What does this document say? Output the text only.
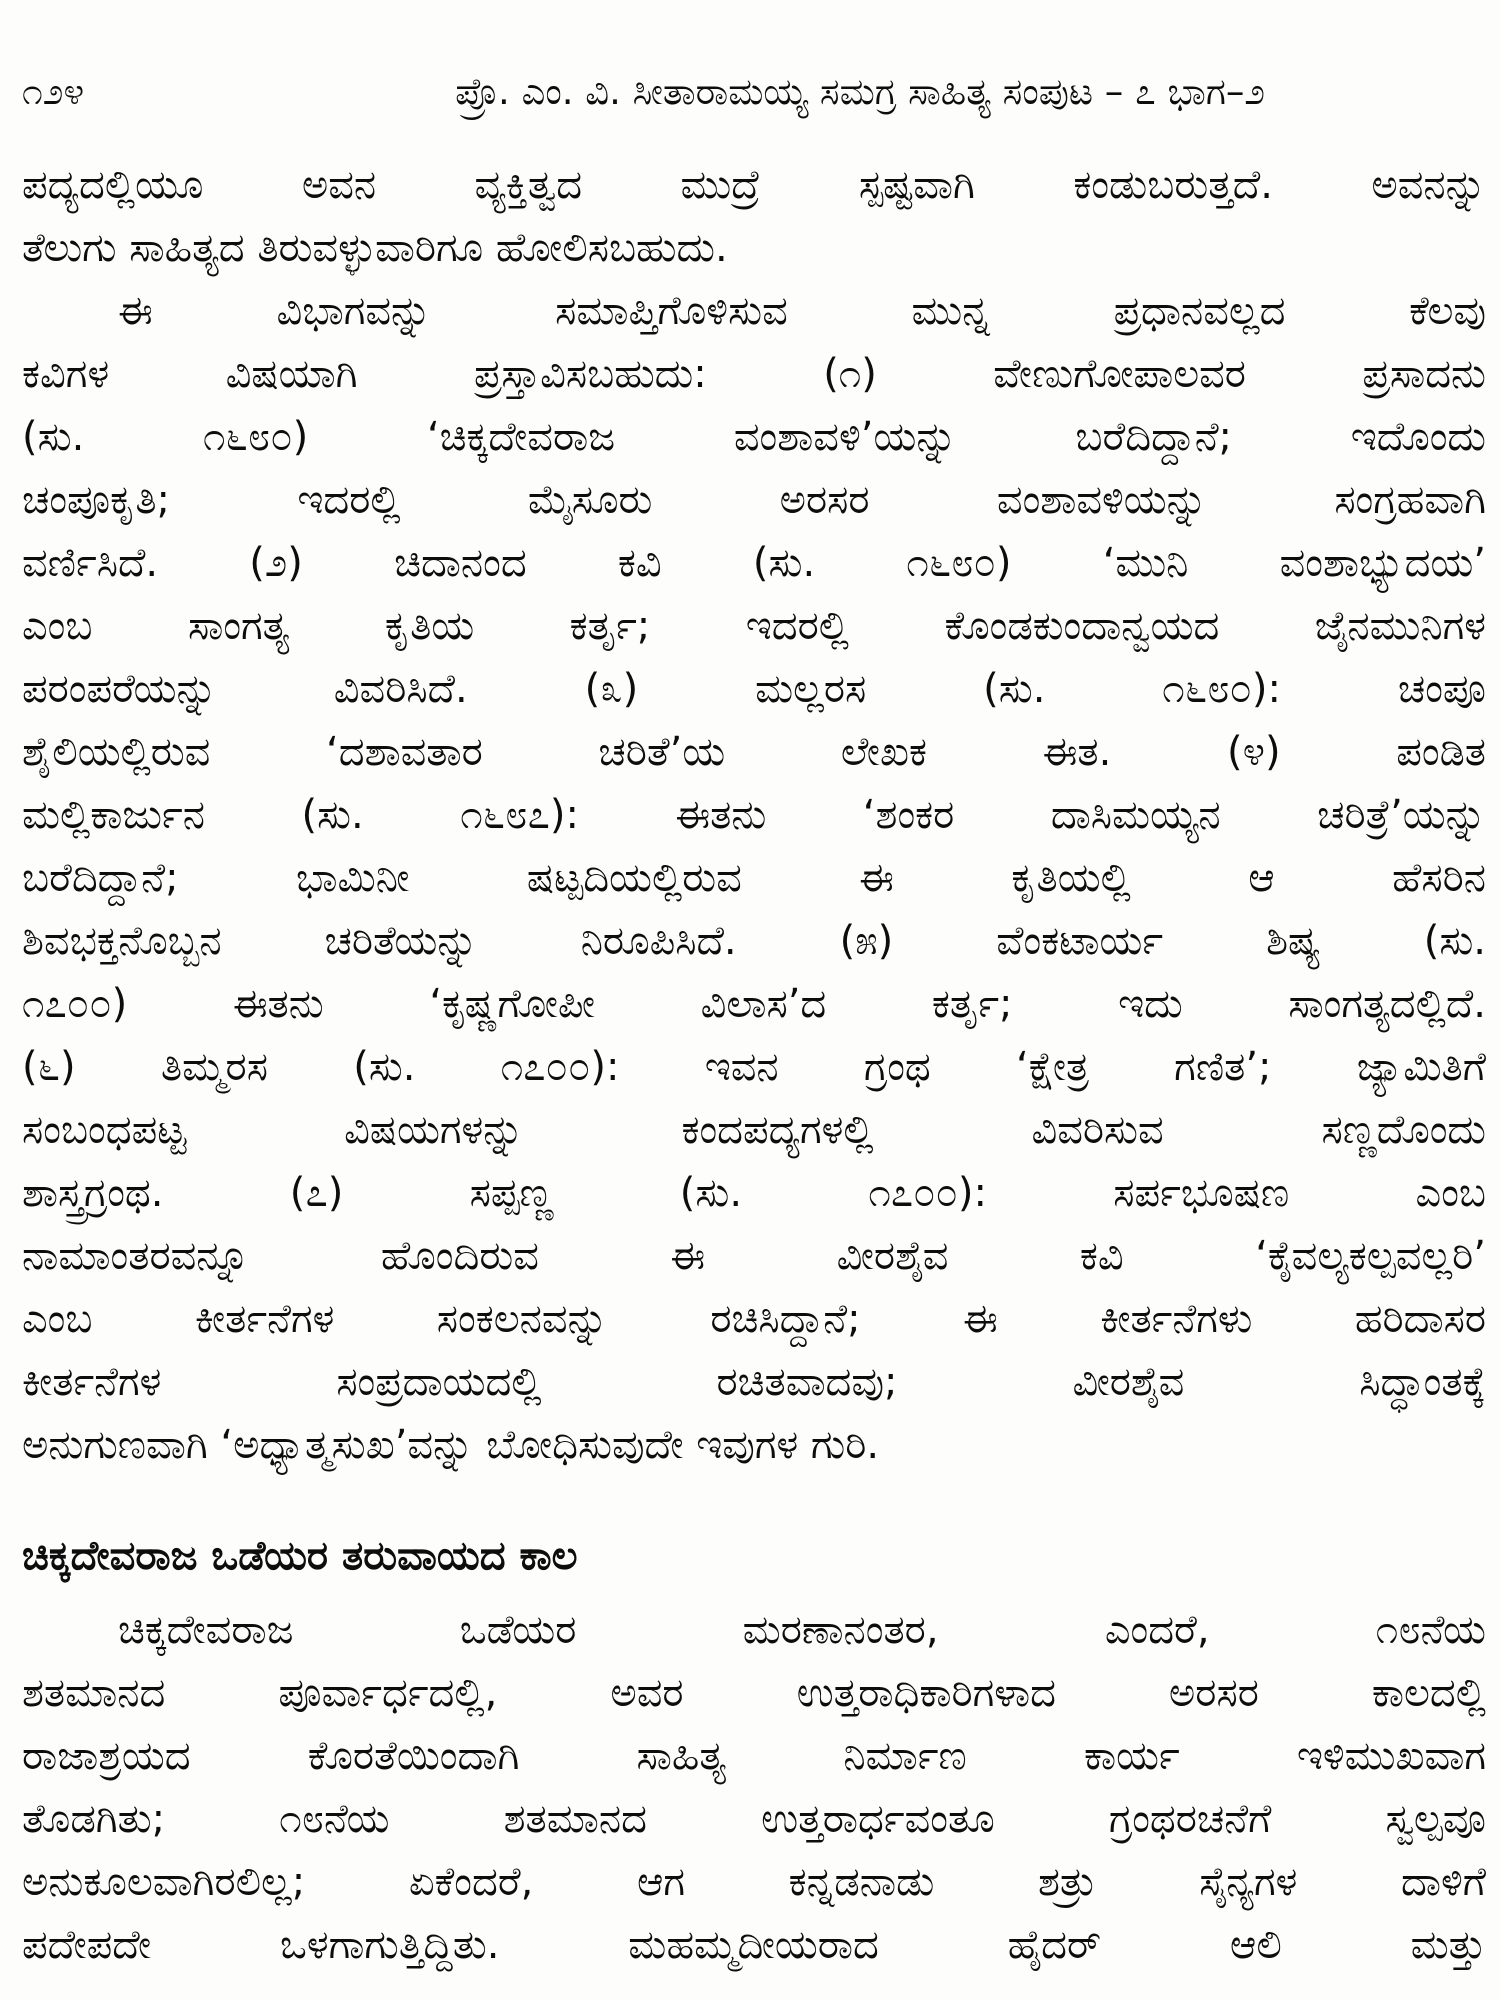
೧೨೪	ಪ್ರೊ. ಎಂ. ವಿ. ಸೀತಾರಾಮಯ್ಯ ಸಮಗ್ರ ಸಾಹಿತ್ಯ ಸಂಪುಟ – ೭ ಭಾಗ–೨
ಪದ್ಯದಲ್ಲಿಯೂ ಅವನ ವ್ಯಕ್ತಿತ್ವದ ಮುದ್ರೆ ಸ್ಪಷ್ಟವಾಗಿ ಕಂಡುಬರುತ್ತದೆ. ಅವನನ್ನು
ತೆಲುಗು ಸಾಹಿತ್ಯದ ತಿರುವಳ್ಳುವಾರಿಗೂ ಹೋಲಿಸಬಹುದು.
ಈ ವಿಭಾಗವನ್ನು ಸಮಾಪ್ತಿಗೊಳಿಸುವ ಮುನ್ನ ಪ್ರಧಾನವಲ್ಲದ ಕೆಲವು
ಕವಿಗಳ ವಿಷಯಾಗಿ ಪ್ರಸ್ತಾವಿಸಬಹುದು: (೧) ವೇಣುಗೋಪಾಲವರ ಪ್ರಸಾದನು
(ಸು. ೧೬೮೦) ‘ಚಿಕ್ಕದೇವರಾಜ ವಂಶಾವಳಿ’ಯನ್ನು ಬರೆದಿದ್ದಾನೆ; ಇದೊಂದು
ಚಂಪೂಕೃತಿ; ಇದರಲ್ಲಿ ಮೈಸೂರು ಅರಸರ ವಂಶಾವಳಿಯನ್ನು ಸಂಗ್ರಹವಾಗಿ
ವರ್ಣಿಸಿದೆ. (೨) ಚಿದಾನಂದ ಕವಿ (ಸು. ೧೬೮೦) ‘ಮುನಿ ವಂಶಾಭ್ಯುದಯ’
ಎಂಬ ಸಾಂಗತ್ಯ ಕೃತಿಯ ಕರ್ತೃ; ಇದರಲ್ಲಿ ಕೊಂಡಕುಂದಾನ್ವಯದ ಜೈನಮುನಿಗಳ
ಪರಂಪರೆಯನ್ನು ವಿವರಿಸಿದೆ. (೩) ಮಲ್ಲರಸ (ಸು. ೧೬೮೦): ಚಂಪೂ
ಶೈಲಿಯಲ್ಲಿರುವ ‘ದಶಾವತಾರ ಚರಿತೆ’ಯ ಲೇಖಕ ಈತ. (೪) ಪಂಡಿತ
ಮಲ್ಲಿಕಾರ್ಜುನ (ಸು. ೧೬೮೭): ಈತನು ‘ಶಂಕರ ದಾಸಿಮಯ್ಯನ ಚರಿತ್ರೆ’ಯನ್ನು
ಬರೆದಿದ್ದಾನೆ; ಭಾಮಿನೀ ಷಟ್ಪದಿಯಲ್ಲಿರುವ ಈ ಕೃತಿಯಲ್ಲಿ ಆ ಹೆಸರಿನ
ಶಿವಭಕ್ತನೊಬ್ಬನ ಚರಿತೆಯನ್ನು ನಿರೂಪಿಸಿದೆ. (೫) ವೆಂಕಟಾರ್ಯ ಶಿಷ್ಯ (ಸು.
೧೭೦೦) ಈತನು ‘ಕೃಷ್ಣಗೋಪೀ ವಿಲಾಸ’ದ ಕರ್ತೃ; ಇದು ಸಾಂಗತ್ಯದಲ್ಲಿದೆ.
(೬) ತಿಮ್ಮರಸ (ಸು. ೧೭೦೦): ಇವನ ಗ್ರಂಥ ‘ಕ್ಷೇತ್ರ ಗಣಿತ’; ಜ್ಯಾಮಿತಿಗೆ
ಸಂಬಂಧಪಟ್ಟ ವಿಷಯಗಳನ್ನು ಕಂದಪದ್ಯಗಳಲ್ಲಿ ವಿವರಿಸುವ ಸಣ್ಣದೊಂದು
ಶಾಸ್ತ್ರಗ್ರಂಥ. (೭) ಸಪ್ಪಣ್ಣ (ಸು. ೧೭೦೦): ಸರ್ಪಭೂಷಣ ಎಂಬ
ನಾಮಾಂತರವನ್ನೂ ಹೊಂದಿರುವ ಈ ವೀರಶೈವ ಕವಿ ‘ಕೈವಲ್ಯಕಲ್ಪವಲ್ಲರಿ’
ಎಂಬ ಕೀರ್ತನೆಗಳ ಸಂಕಲನವನ್ನು ರಚಿಸಿದ್ದಾನೆ; ಈ ಕೀರ್ತನೆಗಳು ಹರಿದಾಸರ
ಕೀರ್ತನೆಗಳ ಸಂಪ್ರದಾಯದಲ್ಲಿ ರಚಿತವಾದವು; ವೀರಶೈವ ಸಿದ್ಧಾಂತಕ್ಕೆ
ಅನುಗುಣವಾಗಿ ‘ಅಧ್ಯಾತ್ಮಸುಖ’ವನ್ನು ಬೋಧಿಸುವುದೇ ಇವುಗಳ ಗುರಿ.
ಚಿಕ್ಕದೇವರಾಜ ಒಡೆಯರ ತರುವಾಯದ ಕಾಲ
ಚಿಕ್ಕದೇವರಾಜ ಒಡೆಯರ ಮರಣಾನಂತರ, ಎಂದರೆ, ೧೮ನೆಯ
ಶತಮಾನದ ಪೂರ್ವಾರ್ಧದಲ್ಲಿ, ಅವರ ಉತ್ತರಾಧಿಕಾರಿಗಳಾದ ಅರಸರ ಕಾಲದಲ್ಲಿ
ರಾಜಾಶ್ರಯದ ಕೊರತೆಯಿಂದಾಗಿ ಸಾಹಿತ್ಯ ನಿರ್ಮಾಣ ಕಾರ್ಯ ಇಳಿಮುಖವಾಗ
ತೊಡಗಿತು; ೧೮ನೆಯ ಶತಮಾನದ ಉತ್ತರಾರ್ಧವಂತೂ ಗ್ರಂಥರಚನೆಗೆ ಸ್ವಲ್ಪವೂ
ಅನುಕೂಲವಾಗಿರಲಿಲ್ಲ; ಏಕೆಂದರೆ, ಆಗ ಕನ್ನಡನಾಡು ಶತ್ರು ಸೈನ್ಯಗಳ ದಾಳಿಗೆ
ಪದೇಪದೇ ಒಳಗಾಗುತ್ತಿದ್ದಿತು. ಮಹಮ್ಮದೀಯರಾದ ಹೈದರ್ ಆಲಿ ಮತ್ತು
